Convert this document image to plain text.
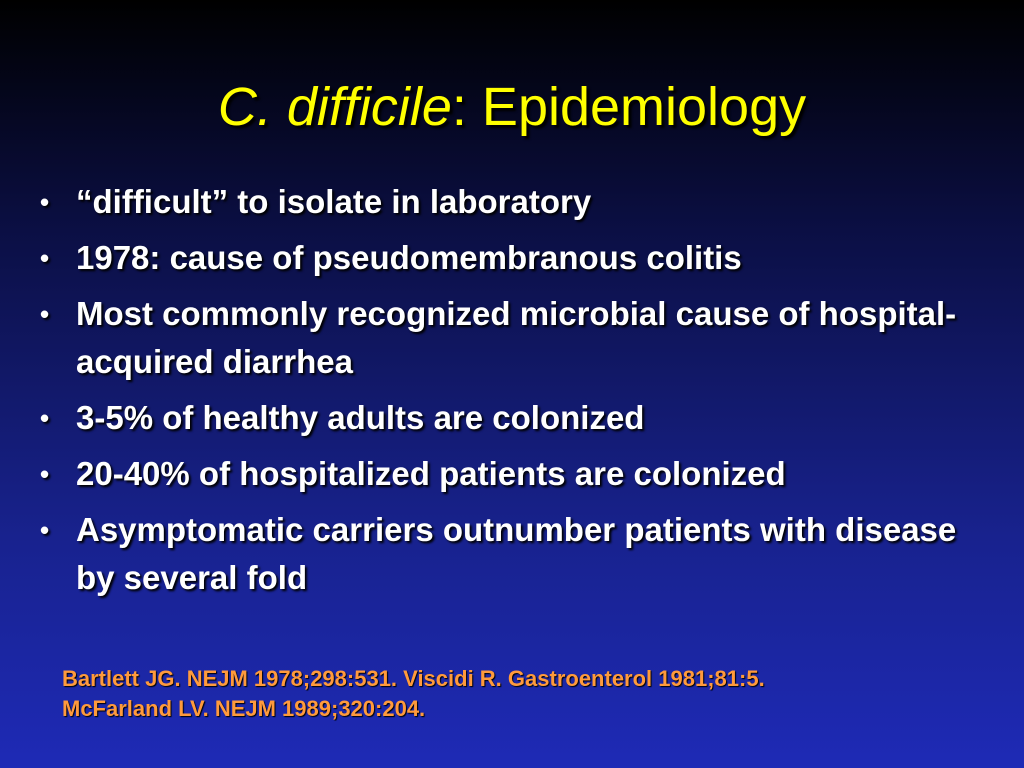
C. difficile: Epidemiology
• “difficult” to isolate in laboratory
• 1978: cause of pseudomembranous colitis
• Most commonly recognized microbial cause of hospital-acquired diarrhea
• 3-5% of healthy adults are colonized
• 20-40% of hospitalized patients are colonized
• Asymptomatic carriers outnumber patients with disease by several fold
Bartlett JG. NEJM 1978;298:531. Viscidi R. Gastroenterol 1981;81:5.
McFarland LV. NEJM 1989;320:204.
